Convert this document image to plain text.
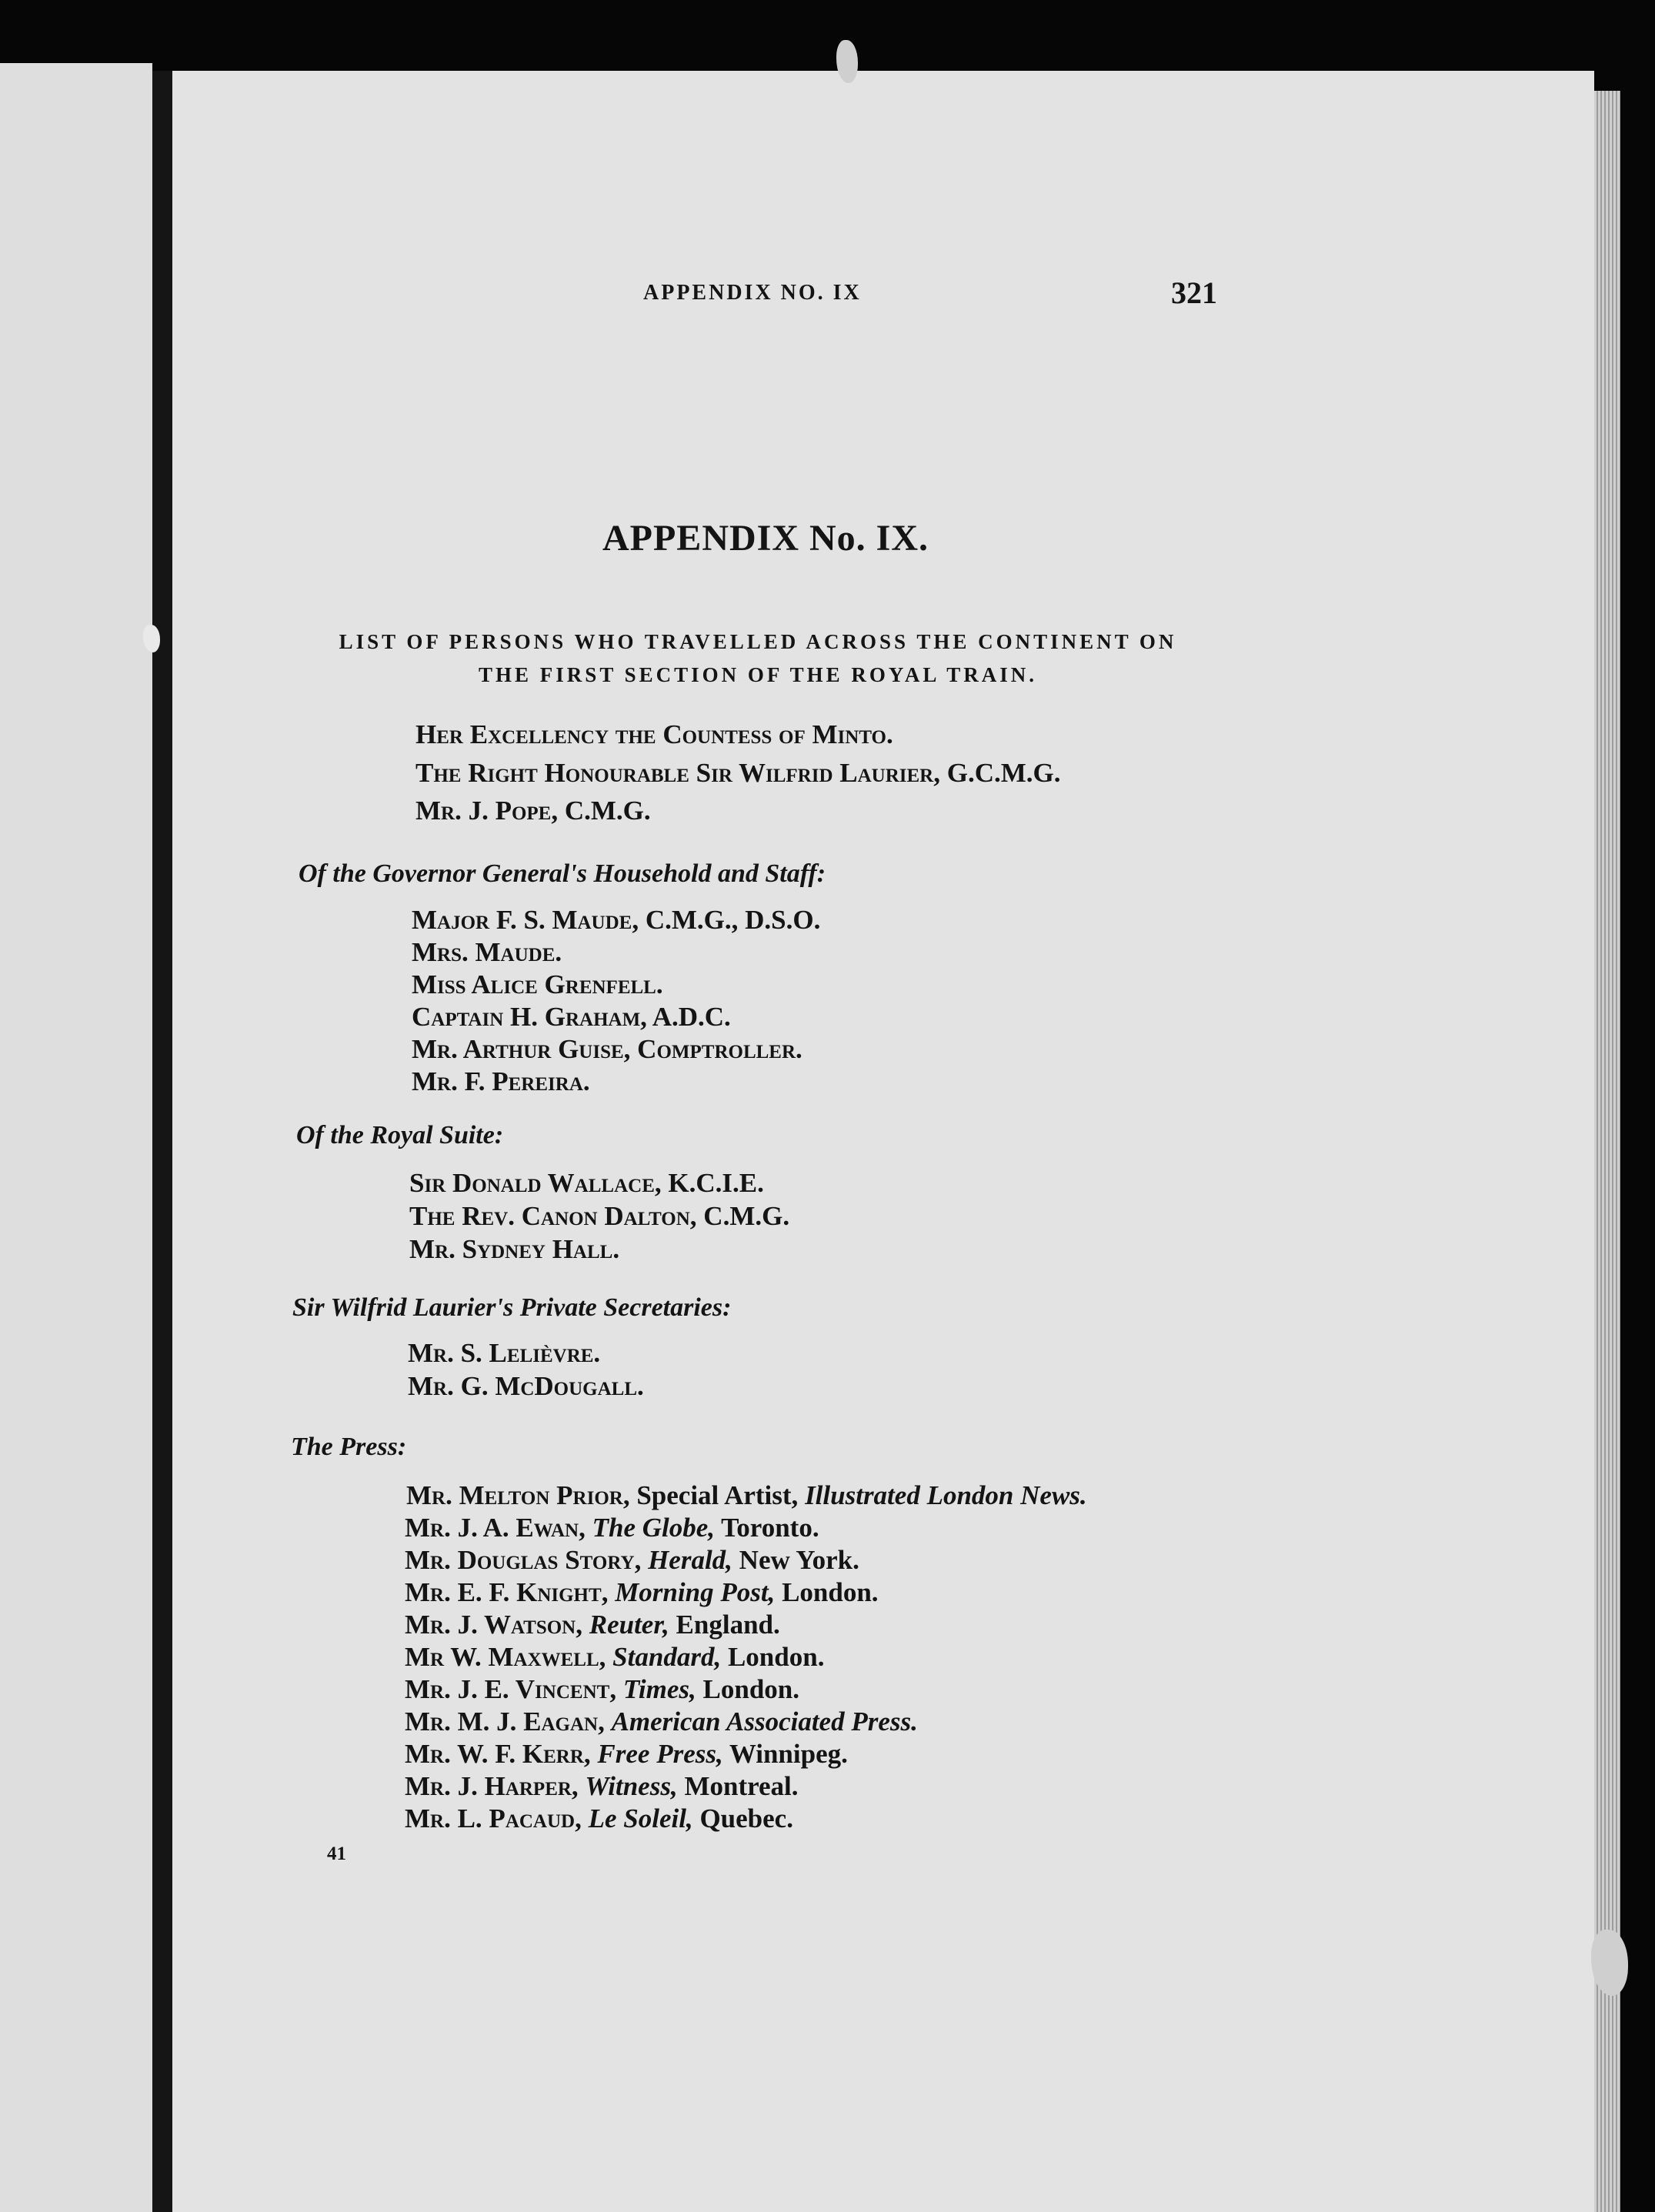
APPENDIX NO. IX	321
APPENDIX No. IX.
LIST OF PERSONS WHO TRAVELLED ACROSS THE CONTINENT ON
THE FIRST SECTION OF THE ROYAL TRAIN.
Her Excellency the Countess of Minto.
The Right Honourable Sir Wilfrid Laurier, G.C.M.G.
Mr. J. Pope, C.M.G.
Of the Governor General's Household and Staff:
Major F. S. Maude, C.M.G., D.S.O.
Mrs. Maude.
Miss Alice Grenfell.
Captain H. Graham, A.D.C.
Mr. Arthur Guise, Comptroller.
Mr. F. Pereira.
Of the Royal Suite:
Sir Donald Wallace, K.C.I.E.
The Rev. Canon Dalton, C.M.G.
Mr. Sydney Hall.
Sir Wilfrid Laurier's Private Secretaries:
Mr. S. Lelièvre.
Mr. G. McDougall.
The Press:
Mr. Melton Prior, Special Artist, Illustrated London News.
Mr. J. A. Ewan, The Globe, Toronto.
Mr. Douglas Story, Herald, New York.
Mr. E. F. Knight, Morning Post, London.
Mr. J. Watson, Reuter, England.
Mr W. Maxwell, Standard, London.
Mr. J. E. Vincent, Times, London.
Mr. M. J. Eagan, American Associated Press.
Mr. W. F. Kerr, Free Press, Winnipeg.
Mr. J. Harper, Witness, Montreal.
Mr. L. Pacaud, Le Soleil, Quebec.
41
